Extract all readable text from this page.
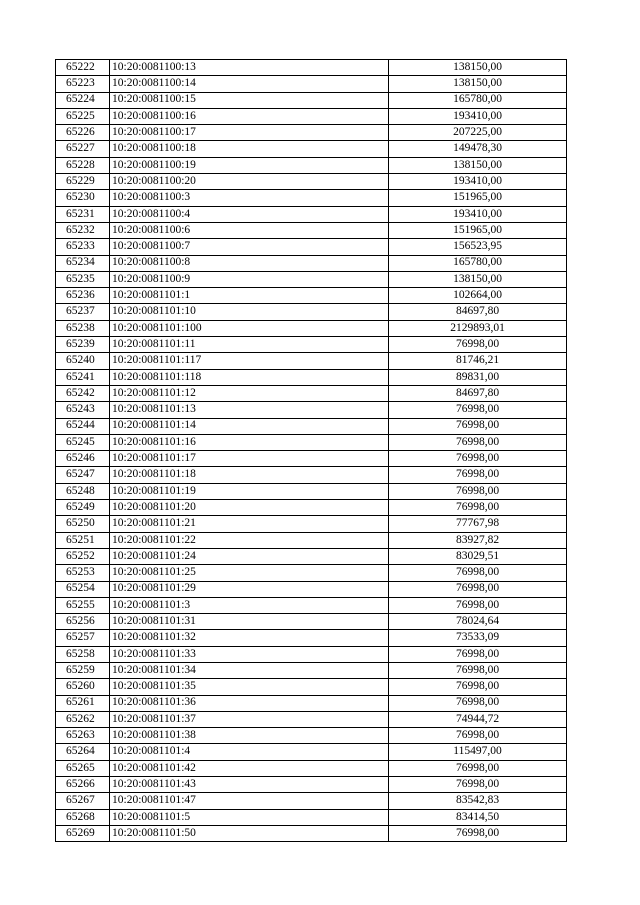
65222	10:20:0081100:13	138150,00
65223	10:20:0081100:14	138150,00
65224	10:20:0081100:15	165780,00
65225	10:20:0081100:16	193410,00
65226	10:20:0081100:17	207225,00
65227	10:20:0081100:18	149478,30
65228	10:20:0081100:19	138150,00
65229	10:20:0081100:20	193410,00
65230	10:20:0081100:3	151965,00
65231	10:20:0081100:4	193410,00
65232	10:20:0081100:6	151965,00
65233	10:20:0081100:7	156523,95
65234	10:20:0081100:8	165780,00
65235	10:20:0081100:9	138150,00
65236	10:20:0081101:1	102664,00
65237	10:20:0081101:10	84697,80
65238	10:20:0081101:100	2129893,01
65239	10:20:0081101:11	76998,00
65240	10:20:0081101:117	81746,21
65241	10:20:0081101:118	89831,00
65242	10:20:0081101:12	84697,80
65243	10:20:0081101:13	76998,00
65244	10:20:0081101:14	76998,00
65245	10:20:0081101:16	76998,00
65246	10:20:0081101:17	76998,00
65247	10:20:0081101:18	76998,00
65248	10:20:0081101:19	76998,00
65249	10:20:0081101:20	76998,00
65250	10:20:0081101:21	77767,98
65251	10:20:0081101:22	83927,82
65252	10:20:0081101:24	83029,51
65253	10:20:0081101:25	76998,00
65254	10:20:0081101:29	76998,00
65255	10:20:0081101:3	76998,00
65256	10:20:0081101:31	78024,64
65257	10:20:0081101:32	73533,09
65258	10:20:0081101:33	76998,00
65259	10:20:0081101:34	76998,00
65260	10:20:0081101:35	76998,00
65261	10:20:0081101:36	76998,00
65262	10:20:0081101:37	74944,72
65263	10:20:0081101:38	76998,00
65264	10:20:0081101:4	115497,00
65265	10:20:0081101:42	76998,00
65266	10:20:0081101:43	76998,00
65267	10:20:0081101:47	83542,83
65268	10:20:0081101:5	83414,50
65269	10:20:0081101:50	76998,00
